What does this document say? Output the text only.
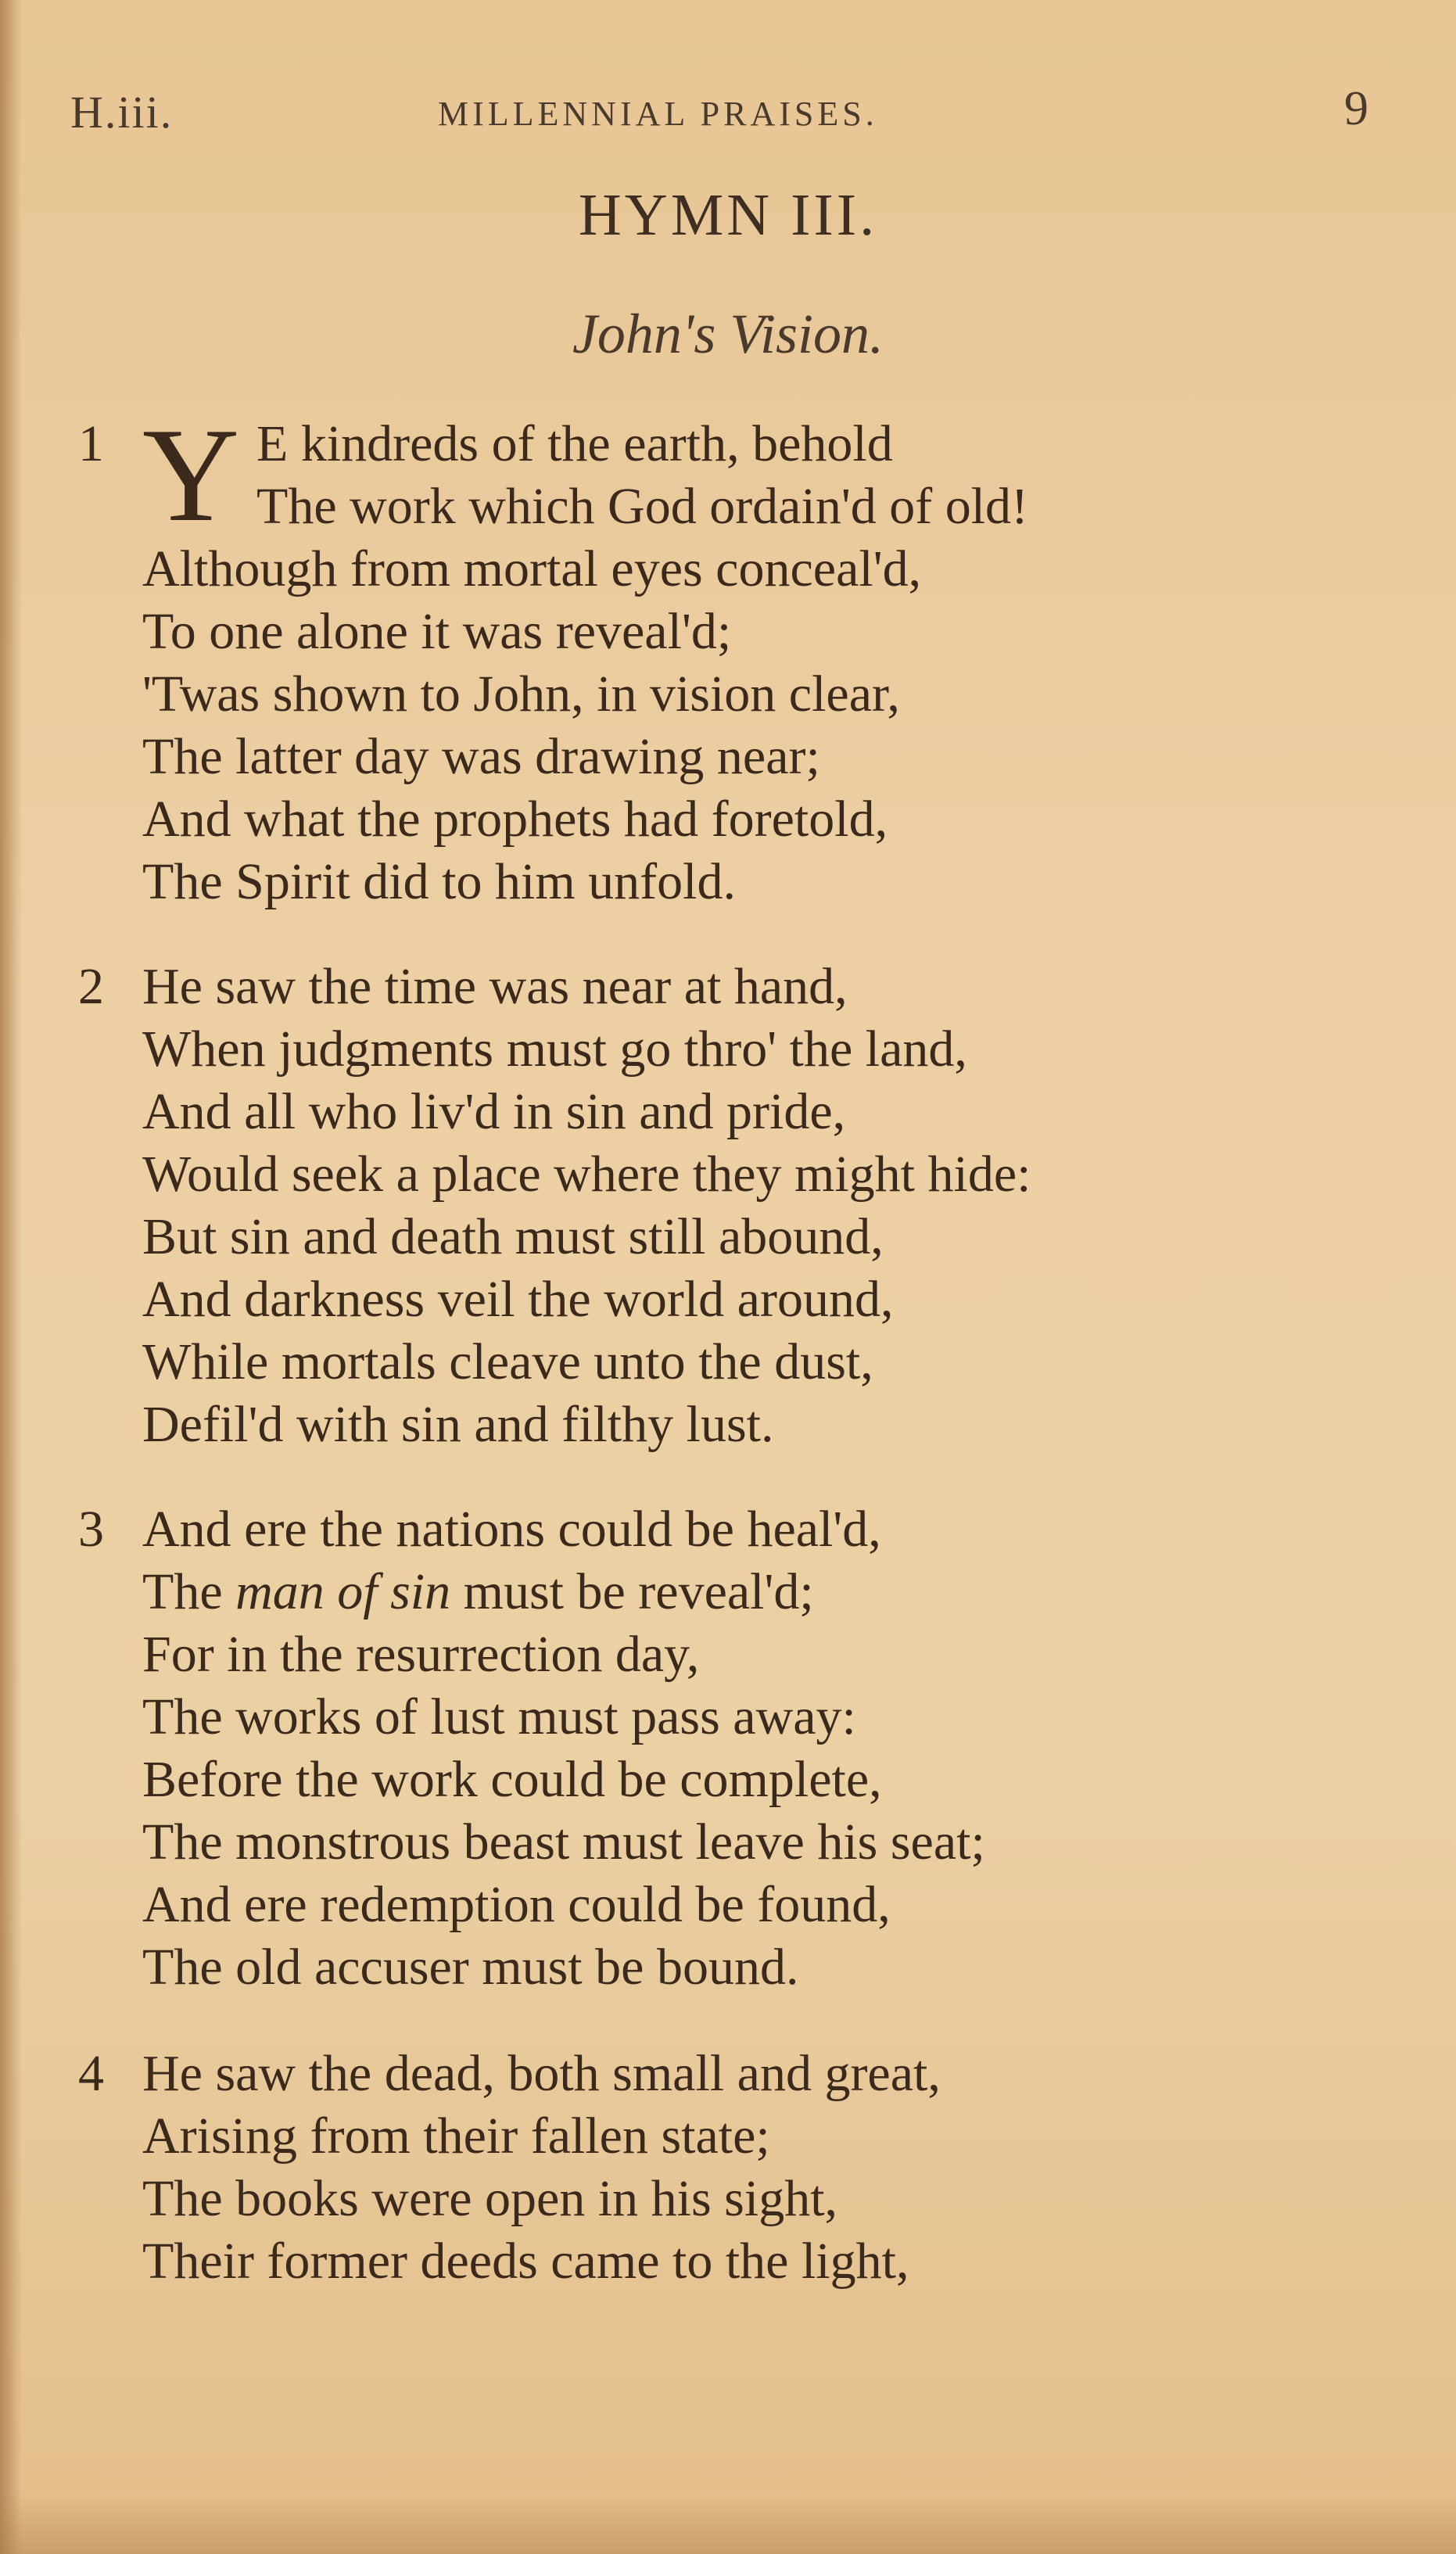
H.iii.	MILLENNIAL PRAISES.	9
HYMN III.
John's Vision.
1 Y E kindreds of the earth, behold
The work which God ordain'd of old!
Although from mortal eyes conceal'd,
To one alone it was reveal'd;
'Twas shown to John, in vision clear,
The latter day was drawing near;
And what the prophets had foretold,
The Spirit did to him unfold.
2 He saw the time was near at hand,
When judgments must go thro' the land,
And all who liv'd in sin and pride,
Would seek a place where they might hide:
But sin and death must still abound,
And darkness veil the world around,
While mortals cleave unto the dust,
Defil'd with sin and filthy lust.
3 And ere the nations could be heal'd,
The man of sin must be reveal'd;
For in the resurrection day,
The works of lust must pass away:
Before the work could be complete,
The monstrous beast must leave his seat;
And ere redemption could be found,
The old accuser must be bound.
4 He saw the dead, both small and great,
Arising from their fallen state;
The books were open in his sight,
Their former deeds came to the light,
